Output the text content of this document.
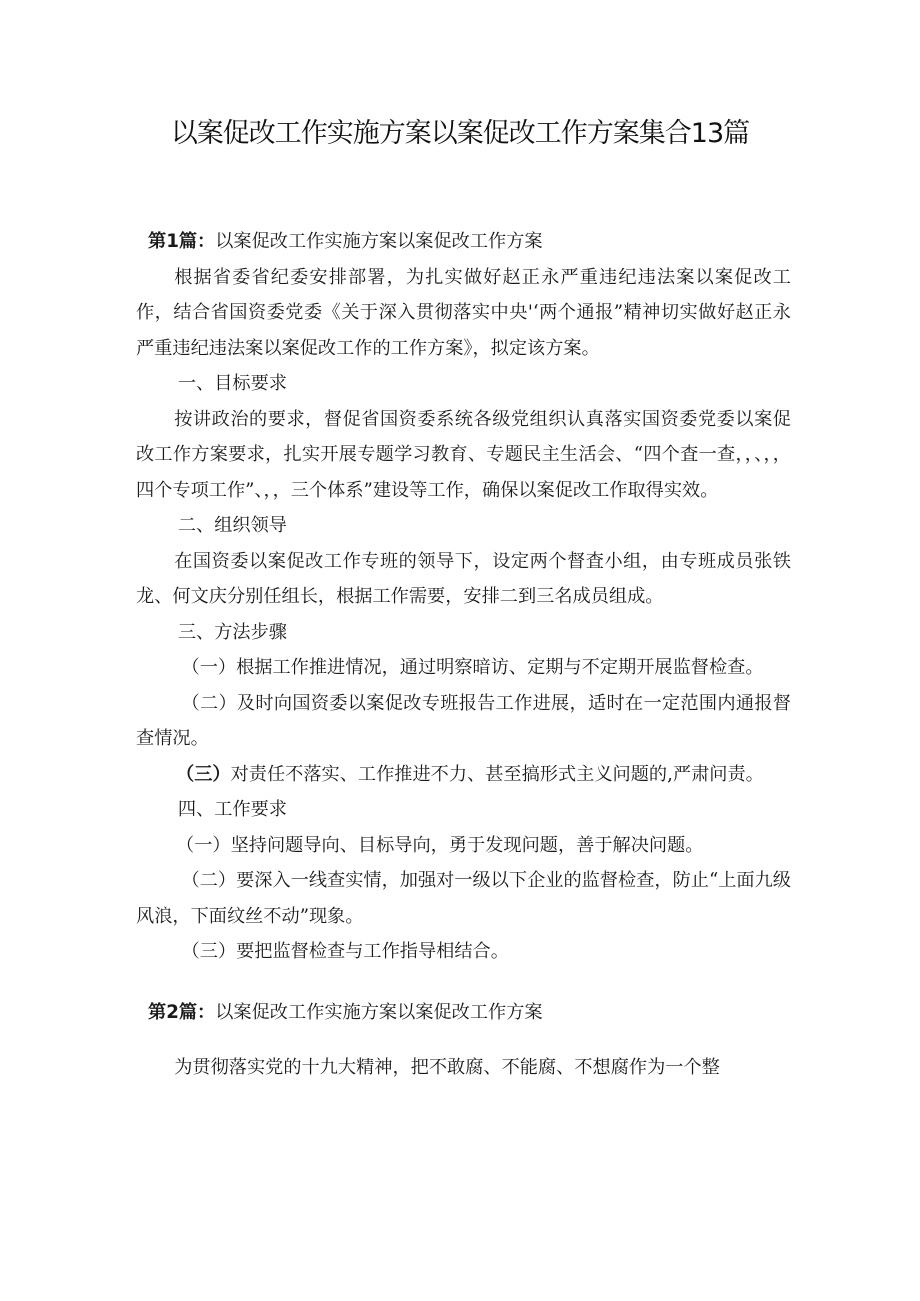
以案促改工作实施方案以案促改工作方案集合13篇

第1篇：以案促改工作实施方案以案促改工作方案

根据省委省纪委安排部署，为扎实做好赵正永严重违纪违法案以案促改工作，结合省国资委党委《关于深入贯彻落实中央'‘两个通报”精神切实做好赵正永严重违纪违法案以案促改工作的工作方案》，拟定该方案。

一、目标要求

按讲政治的要求，督促省国资委系统各级党组织认真落实国资委党委以案促改工作方案要求，扎实开展专题学习教育、专题民主生活会、“四个査一查，，、，，四个专项工作”、，，三个体系”建设等工作，确保以案促改工作取得实效。

二、组织领导

在国资委以案促改工作专班的领导下，设定两个督査小组，由专班成员张铁龙、何文庆分别任组长，根据工作需要，安排二到三名成员组成。

三、方法步骤

（一）根据工作推进情况，通过明察暗访、定期与不定期开展监督检查。

（二）及时向国资委以案促改专班报告工作进展，适时在一定范围内通报督查情况。

（三）对责任不落实、工作推进不力、甚至搞形式主义问题的,严肃问责。

四、工作要求

（一）坚持问题导向、目标导向，勇于发现问题，善于解决问题。

（二）要深入一线查实情，加强对一级以下企业的监督检查，防止“上面九级风浪，下面纹丝不动”现象。

（三）要把监督检查与工作指导相结合。

第2篇：以案促改工作实施方案以案促改工作方案

为贯彻落实党的十九大精神，把不敢腐、不能腐、不想腐作为一个整
